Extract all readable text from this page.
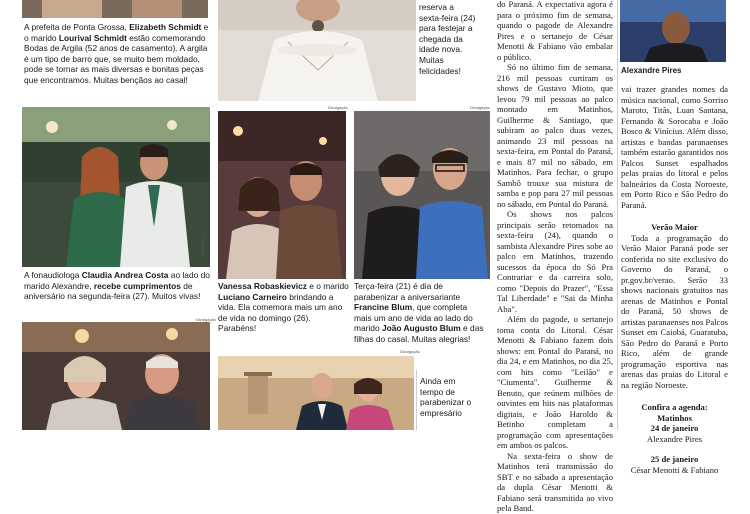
A prefeita de Ponta Grossa, Elizabeth Schmidt e o marido Lourival Schmidt estão comemorando Bodas de Argila (52 anos de casamento). A argila é um tipo de barro que, se muito bem moldado, pode se tornar as mais diversas e bonitas peças que encontramos. Muitas bençãos ao casal!
Divulgação
A fonaudiologa Claudia Andrea Costa ao lado do marido Alexandre, recebe cumprimentos de aniversário na segunda-feira (27). Muitos vivas!
Divulgação
reserva a sexta-feira (24) para festejar a chegada da idade nova. Muitas felicidades!
Divulgação
Vanessa Robaskievicz e o marido Luciano Carneiro brindando a vida. Ela comemora mais um ano de vida no domingo (26). Parabéns!
Divulgação
Terça-feira (21) é dia de parabenizar a aniversariante Francine Blum, que completa mais um ano de vida ao lado do marido João Augusto Blum e das filhas do casal. Muitas alegrias!
Divulgação
Ainda em tempo de parabenizar o empresário

do Paraná. A expectativa agora é para o próximo fim de semana, quando o pagode de Alexandre Pires e o sertanejo de César Menotti & Fabiano vão embalar o público.

Só no último fim de semana, 216 mil pessoas curtiram os shows de Gustavo Mioto, que levou 79 mil pessoas ao palco montado em Matinhos, Guilherme & Santiago, que subiram ao palco duas vezes, animando 23 mil pessoas na sexta-feira, em Pontal do Paraná, e mais 87 mil no sábado, em Matinhos. Para fechar, o grupo Sambô trouxe sua mistura de samba e pop para 27 mil pessoas no sábado, em Pontal do Paraná.

Os shows nos palcos principais serão retomados na sexta-feira (24), quando o sambista Alexandre Pires sobe ao palco em Matinhos, trazendo sucessos da época do Só Pra Contrariar e da carreira solo, como "Depois do Prazer", "Essa Tal Liberdade" e "Sai da Minha Aba".

Além do pagode, o sertanejo toma conta do Litoral. César Menotti & Fabiano fazem dois shows: em Pontal do Paraná, no dia 24, e em Matinhos, no dia 25, com hits como "Leilão" e "Ciumenta". Guilherme & Benuto, que reúnem milhões de ouvintes em hits nas plataformas digitais, e João Haroldo & Betinho completam a programação com apresentações em ambos os palcos.

Na sexta-feira o show de Matinhos terá transmissão do SBT e no sábado a apresentação da dupla César Menotti & Fabiano será transmitida ao vivo pela Band.

Alexandre Pires

vai trazer grandes nomes da música nacional, como Sorriso Maroto, Titãs, Luan Santana, Fernando & Sorocaba e João Bosco & Vinícius. Além disso, artistas e bandas paranaenses também estarão garantidos nos Palcos Sunset espalhados pelas praias do litoral e pelos balneários da Costa Noroeste, em Porto Rico e São Pedro do Paraná.

Verão Maior

Toda a programação do Verão Maior Paraná pode ser conferida no site exclusivo do Governo do Paraná, o pr.gov.br/verao. Serão 33 shows nacionais gratuitos nas arenas de Matinhos e Pontal do Paraná, 50 shows de artistas paranaenses nos Palcos Sunset em Caiobá, Guaratuba, São Pedro do Paraná e Porto Rico, além de grande programação esportiva nas arenas das praias do Litoral e na região Noroeste.

Confira a agenda:
Matinhos
24 de janeiro
Alexandre Pires
25 de janeiro
César Menotti & Fabiano
